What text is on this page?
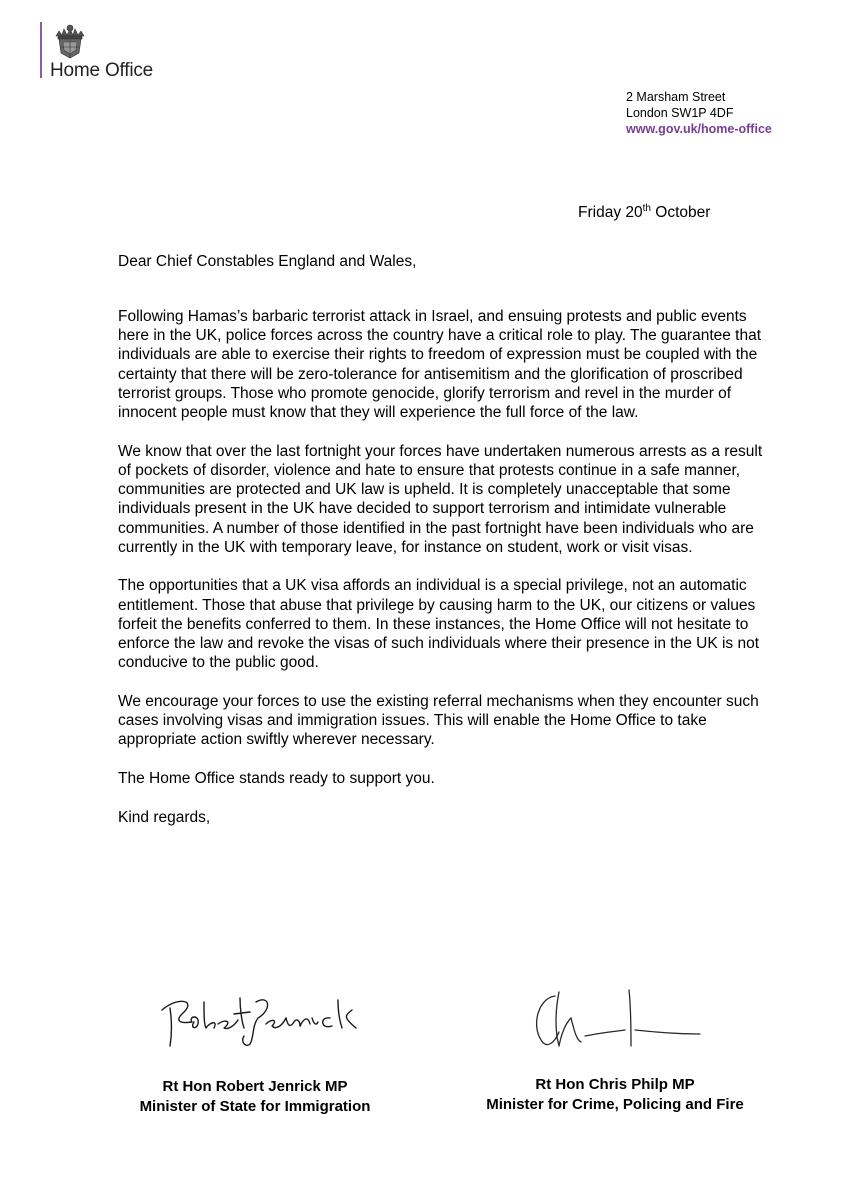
Home Office
2 Marsham Street
London SW1P 4DF
www.gov.uk/home-office
Friday 20th October
Dear Chief Constables England and Wales,

Following Hamas’s barbaric terrorist attack in Israel, and ensuing protests and public events here in the UK, police forces across the country have a critical role to play. The guarantee that individuals are able to exercise their rights to freedom of expression must be coupled with the certainty that there will be zero-tolerance for antisemitism and the glorification of proscribed terrorist groups. Those who promote genocide, glorify terrorism and revel in the murder of innocent people must know that they will experience the full force of the law.

We know that over the last fortnight your forces have undertaken numerous arrests as a result of pockets of disorder, violence and hate to ensure that protests continue in a safe manner, communities are protected and UK law is upheld. It is completely unacceptable that some individuals present in the UK have decided to support terrorism and intimidate vulnerable communities. A number of those identified in the past fortnight have been individuals who are currently in the UK with temporary leave, for instance on student, work or visit visas.

The opportunities that a UK visa affords an individual is a special privilege, not an automatic entitlement. Those that abuse that privilege by causing harm to the UK, our citizens or values forfeit the benefits conferred to them. In these instances, the Home Office will not hesitate to enforce the law and revoke the visas of such individuals where their presence in the UK is not conducive to the public good.

We encourage your forces to use the existing referral mechanisms when they encounter such cases involving visas and immigration issues. This will enable the Home Office to take appropriate action swiftly wherever necessary.

The Home Office stands ready to support you.

Kind regards,

Rt Hon Robert Jenrick MP
Minister of State for Immigration
Rt Hon Chris Philp MP
Minister for Crime, Policing and Fire
